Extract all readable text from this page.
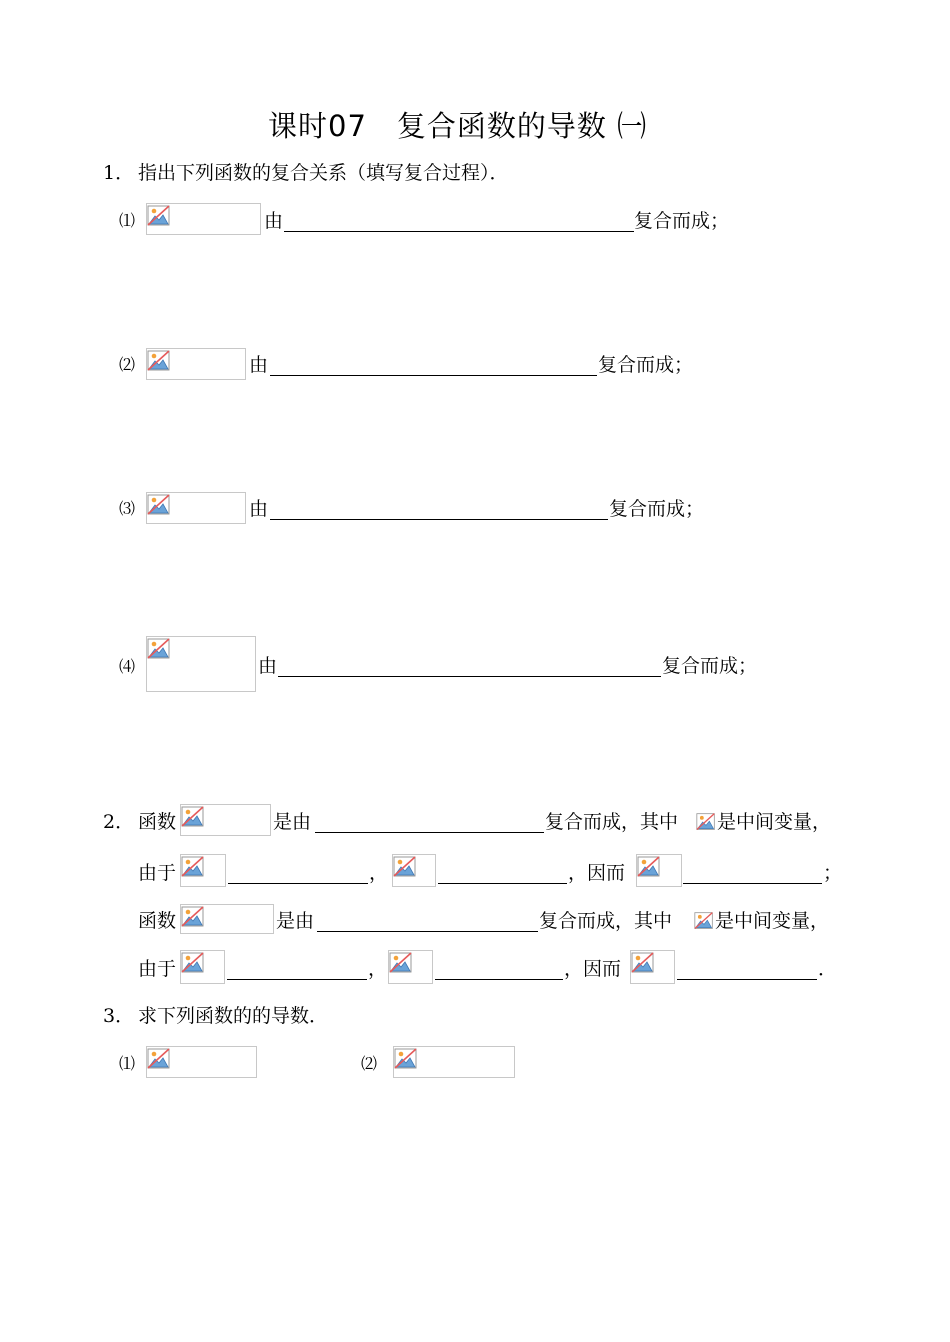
课时07　复合函数的导数 ㈠
1． 指出下列函数的复合关系（填写复合过程）．
⑴	由	复合而成；
⑵	由	复合而成；
⑶	由	复合而成；
⑷	由	复合而成；
2． 函数	是由	复合而成，其中 是中间变量，
由于	，	，因而	；
函数	是由	复合而成，其中 是中间变量，
由于	，	，因而	．
3． 求下列函数的的导数．
⑴	⑵
